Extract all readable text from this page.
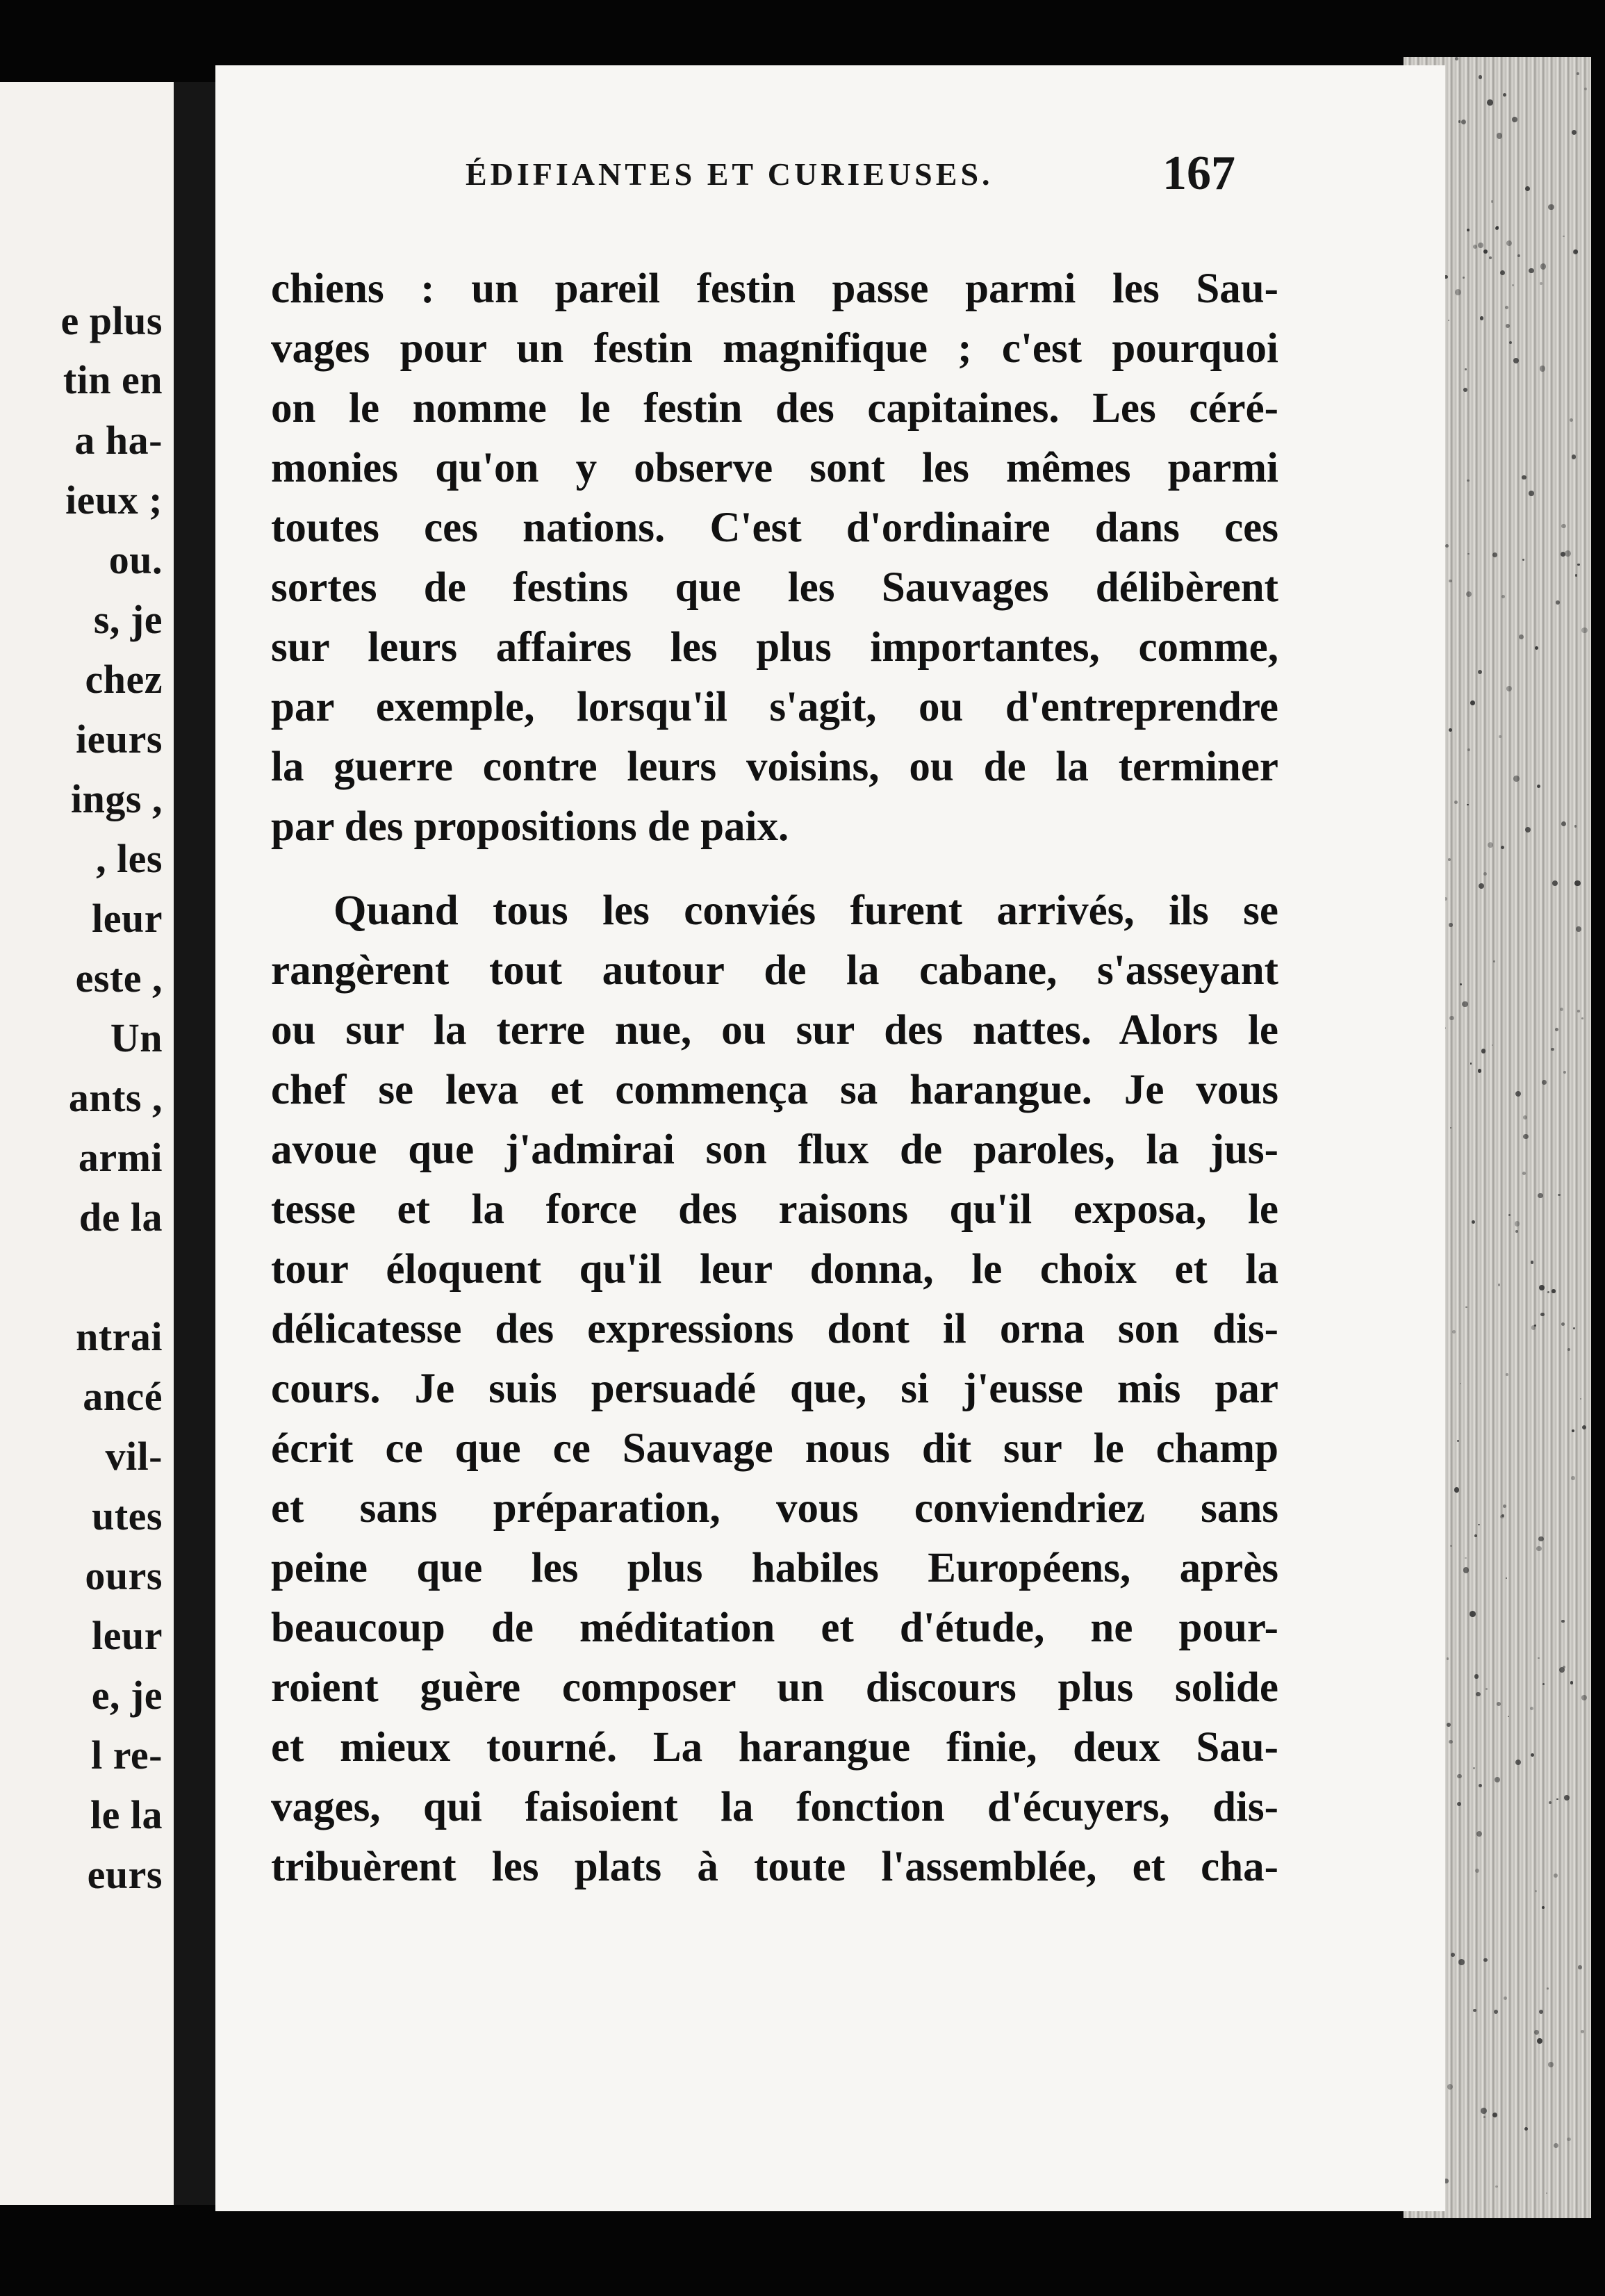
e plus
tin en
a ha-
ieux ;
ou.
s, je
chez
ieurs
ings ,
, les
leur
este ,
Un
ants ,
armi
de la
ntrai
ancé
vil-
utes
ours
leur
e, je
l re-
le la
eurs
ÉDIFIANTES ET CURIEUSES.	167
chiens : un pareil festin passe parmi les Sau-
vages pour un festin magnifique ; c'est pourquoi
on le nomme le festin des capitaines. Les céré-
monies qu'on y observe sont les mêmes parmi
toutes ces nations. C'est d'ordinaire dans ces
sortes de festins que les Sauvages délibèrent
sur leurs affaires les plus importantes, comme,
par exemple, lorsqu'il s'agit, ou d'entreprendre
la guerre contre leurs voisins, ou de la terminer
par des propositions de paix.
Quand tous les conviés furent arrivés, ils se
rangèrent tout autour de la cabane, s'asseyant
ou sur la terre nue, ou sur des nattes. Alors le
chef se leva et commença sa harangue. Je vous
avoue que j'admirai son flux de paroles, la jus-
tesse et la force des raisons qu'il exposa, le
tour éloquent qu'il leur donna, le choix et la
délicatesse des expressions dont il orna son dis-
cours. Je suis persuadé que, si j'eusse mis par
écrit ce que ce Sauvage nous dit sur le champ
et sans préparation, vous conviendriez sans
peine que les plus habiles Européens, après
beaucoup de méditation et d'étude, ne pour-
roient guère composer un discours plus solide
et mieux tourné. La harangue finie, deux Sau-
vages, qui faisoient la fonction d'écuyers, dis-
tribuèrent les plats à toute l'assemblée, et cha-
